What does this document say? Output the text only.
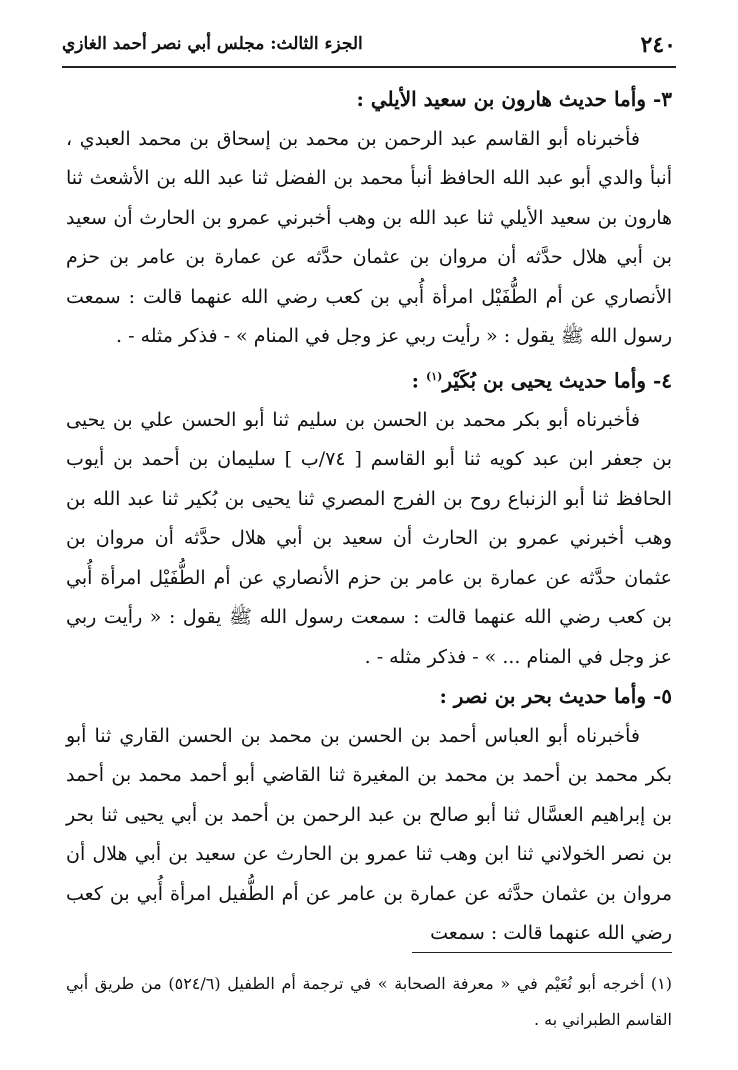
٢٤٠
الجزء الثالث: مجلس أبي نصر أحمد الغازي
٣- وأما حديث هارون بن سعيد الأيلي :

فأخبرناه أبو القاسم عبد الرحمن بن محمد بن إسحاق بن محمد العبدي ، أنبأ والدي أبو عبد الله الحافظ أنبأ محمد بن الفضل ثنا عبد الله بن الأشعث ثنا هارون بن سعيد الأيلي ثنا عبد الله بن وهب أخبرني عمرو بن الحارث أن سعيد بن أبي هلال حدَّثه أن مروان بن عثمان حدَّثه عن عمارة بن عامر بن حزم الأنصاري عن أم الطُّفَيْل امرأة أُبي بن كعب رضي الله عنهما قالت : سمعت رسول الله ﷺ يقول : « رأيت ربي عز وجل في المنام » - فذكر مثله - .

٤- وأما حديث يحيى بن بُكَيْر$^{(١)}$ :

فأخبرناه أبو بكر محمد بن الحسن بن سليم ثنا أبو الحسن علي بن يحيى بن جعفر ابن عبد كويه ثنا أبو القاسم [ ٧٤/ب ] سليمان بن أحمد بن أيوب الحافظ ثنا أبو الزنباع روح بن الفرج المصري ثنا يحيى بن بُكير ثنا عبد الله بن وهب أخبرني عمرو بن الحارث أن سعيد بن أبي هلال حدَّثه أن مروان بن عثمان حدَّثه عن عمارة بن عامر بن حزم الأنصاري عن أم الطُّفَيْل امرأة أُبي بن كعب رضي الله عنهما قالت : سمعت رسول الله ﷺ يقول : « رأيت ربي عز وجل في المنام ... » - فذكر مثله - .

٥- وأما حديث بحر بن نصر :

فأخبرناه أبو العباس أحمد بن الحسن بن محمد بن الحسن القاري ثنا أبو بكر محمد بن أحمد بن محمد بن المغيرة ثنا القاضي أبو أحمد محمد بن أحمد بن إبراهيم العسَّال ثنا أبو صالح بن عبد الرحمن بن أحمد بن أبي يحيى ثنا بحر بن نصر الخولاني ثنا ابن وهب ثنا عمرو بن الحارث عن سعيد بن أبي هلال أن مروان بن عثمان حدَّثه عن عمارة بن عامر عن أم الطُّفيل امرأة أُبي بن كعب رضي الله عنهما قالت : سمعت

(١) أخرجه أبو نُعَيْم في « معرفة الصحابة » في ترجمة أم الطفيل (٥٢٤/٦) من طريق أبي القاسم الطبراني به .
